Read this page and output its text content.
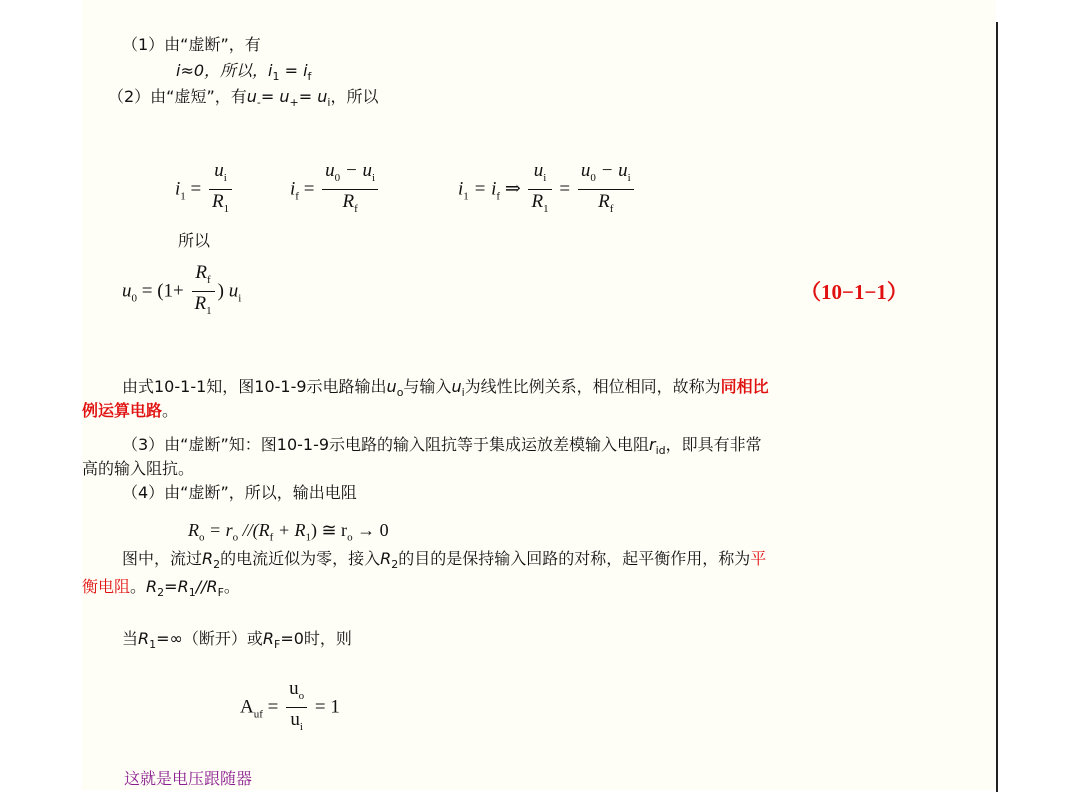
（1）由“虚断”，有
i≈0，所以，$i_1 = i_f$
（2）由“虚短”，有$u_-= u_+= u_i$，所以
$i_1 = \frac{u_i}{R_1}$	$i_f = \frac{u_0 - u_i}{R_f}$	$i_1 = i_f$ ⇒ $\frac{u_i}{R_1} = \frac{u_0 - u_i}{R_f}$
所以
$u_0 = (1+ \frac{R_f}{R_1}$ ) $u_i$	（10−1−1）
由式10-1-1知，图10-1-9示电路输出$u_o$与输入$u_i$为线性比例关系，相位相同，故称为同相比
例运算电路。
（3）由“虚断”知：图10-1-9示电路的输入阻抗等于集成运放差模输入电阻$r_{id}$，即具有非常
高的输入阻抗。
（4）由“虚断”，所以，输出电阻
$R_o = r_o$ $//(R_f + R_1)$ ≅ $r_o \to 0$
图中，流过$R_2$的电流近似为零，接入$R_2$的目的是保持输入回路的对称，起平衡作用，称为平
衡电阻。$R_2=R_1//R_F$。
当$R_1=\infty$（断开）或$R_F=0$时，则
$A_{uf} = \frac{u_o}{u_i} = 1$
这就是电压跟随器
